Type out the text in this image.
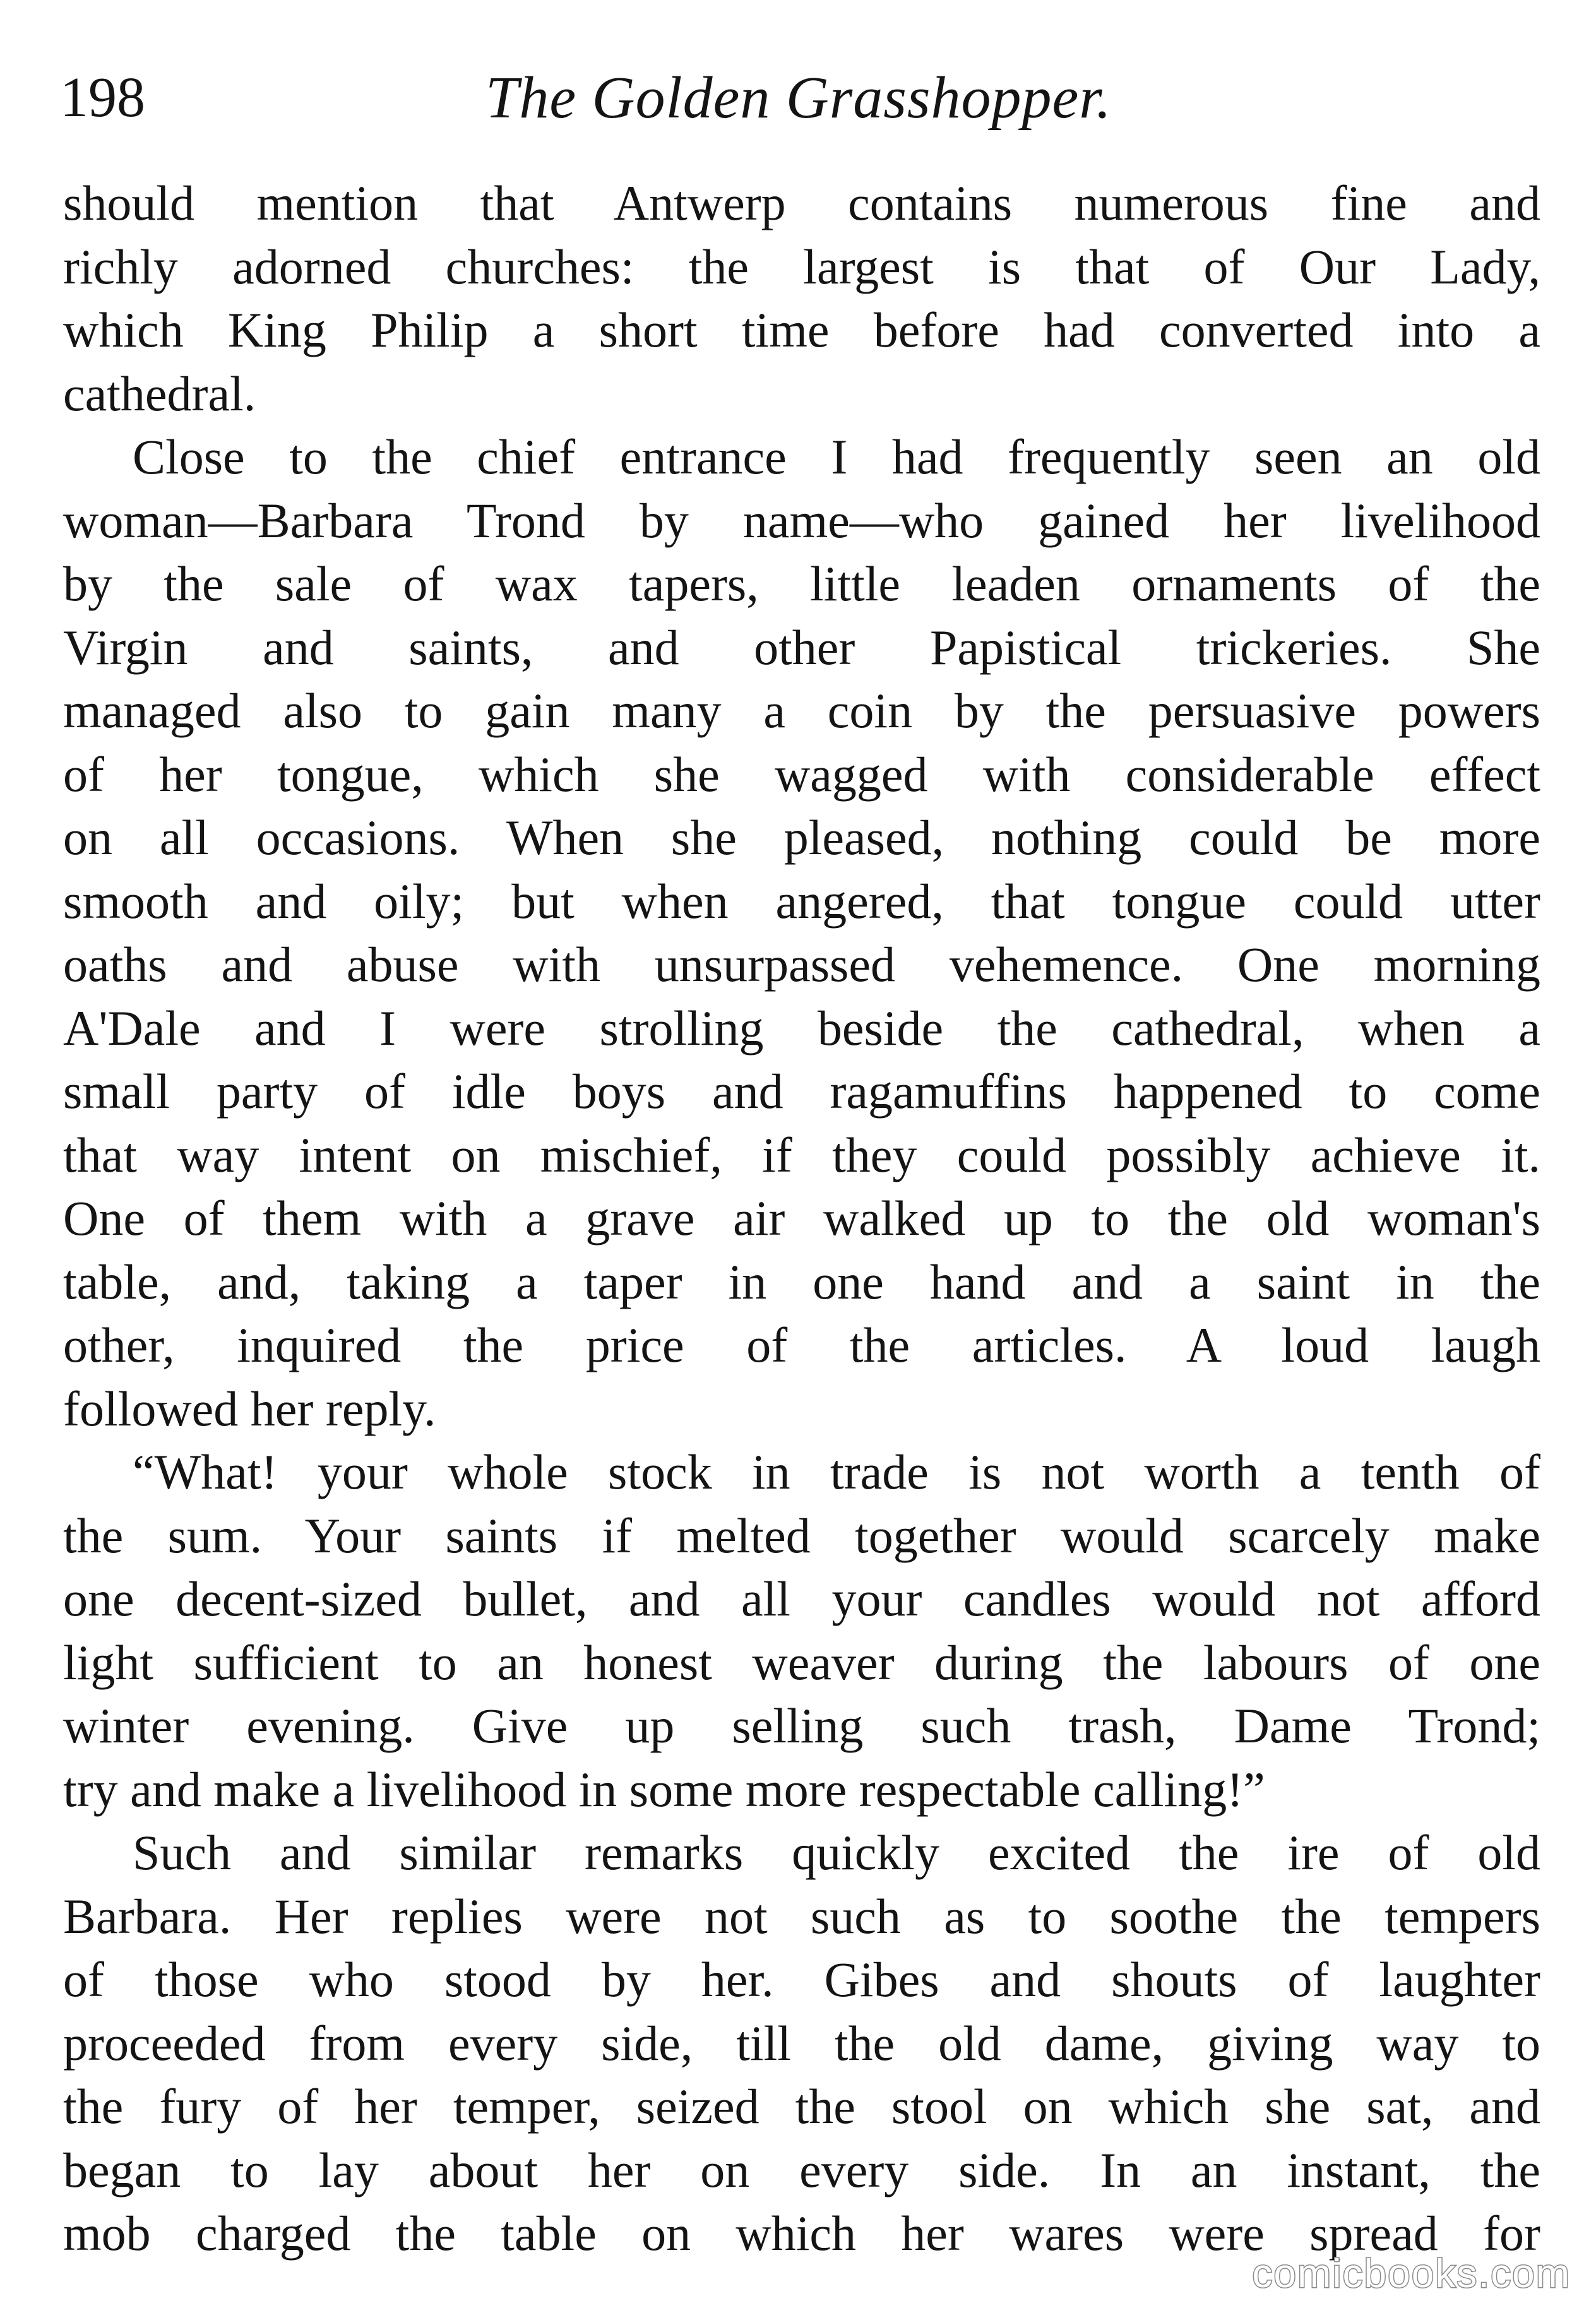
198	The Golden Grasshopper.
should mention that Antwerp contains numerous fine and
richly adorned churches: the largest is that of Our Lady,
which King Philip a short time before had converted into a
cathedral.
Close to the chief entrance I had frequently seen an old
woman—Barbara Trond by name—who gained her livelihood
by the sale of wax tapers, little leaden ornaments of the
Virgin and saints, and other Papistical trickeries. She
managed also to gain many a coin by the persuasive powers
of her tongue, which she wagged with considerable effect
on all occasions. When she pleased, nothing could be more
smooth and oily; but when angered, that tongue could utter
oaths and abuse with unsurpassed vehemence. One morning
A'Dale and I were strolling beside the cathedral, when a
small party of idle boys and ragamuffins happened to come
that way intent on mischief, if they could possibly achieve it.
One of them with a grave air walked up to the old woman's
table, and, taking a taper in one hand and a saint in the
other, inquired the price of the articles. A loud laugh
followed her reply.
“What! your whole stock in trade is not worth a tenth of
the sum. Your saints if melted together would scarcely make
one decent-sized bullet, and all your candles would not afford
light sufficient to an honest weaver during the labours of one
winter evening. Give up selling such trash, Dame Trond;
try and make a livelihood in some more respectable calling!”
Such and similar remarks quickly excited the ire of old
Barbara. Her replies were not such as to soothe the tempers
of those who stood by her. Gibes and shouts of laughter
proceeded from every side, till the old dame, giving way to
the fury of her temper, seized the stool on which she sat, and
began to lay about her on every side. In an instant, the
mob charged the table on which her wares were spread for
comicbooks.com
